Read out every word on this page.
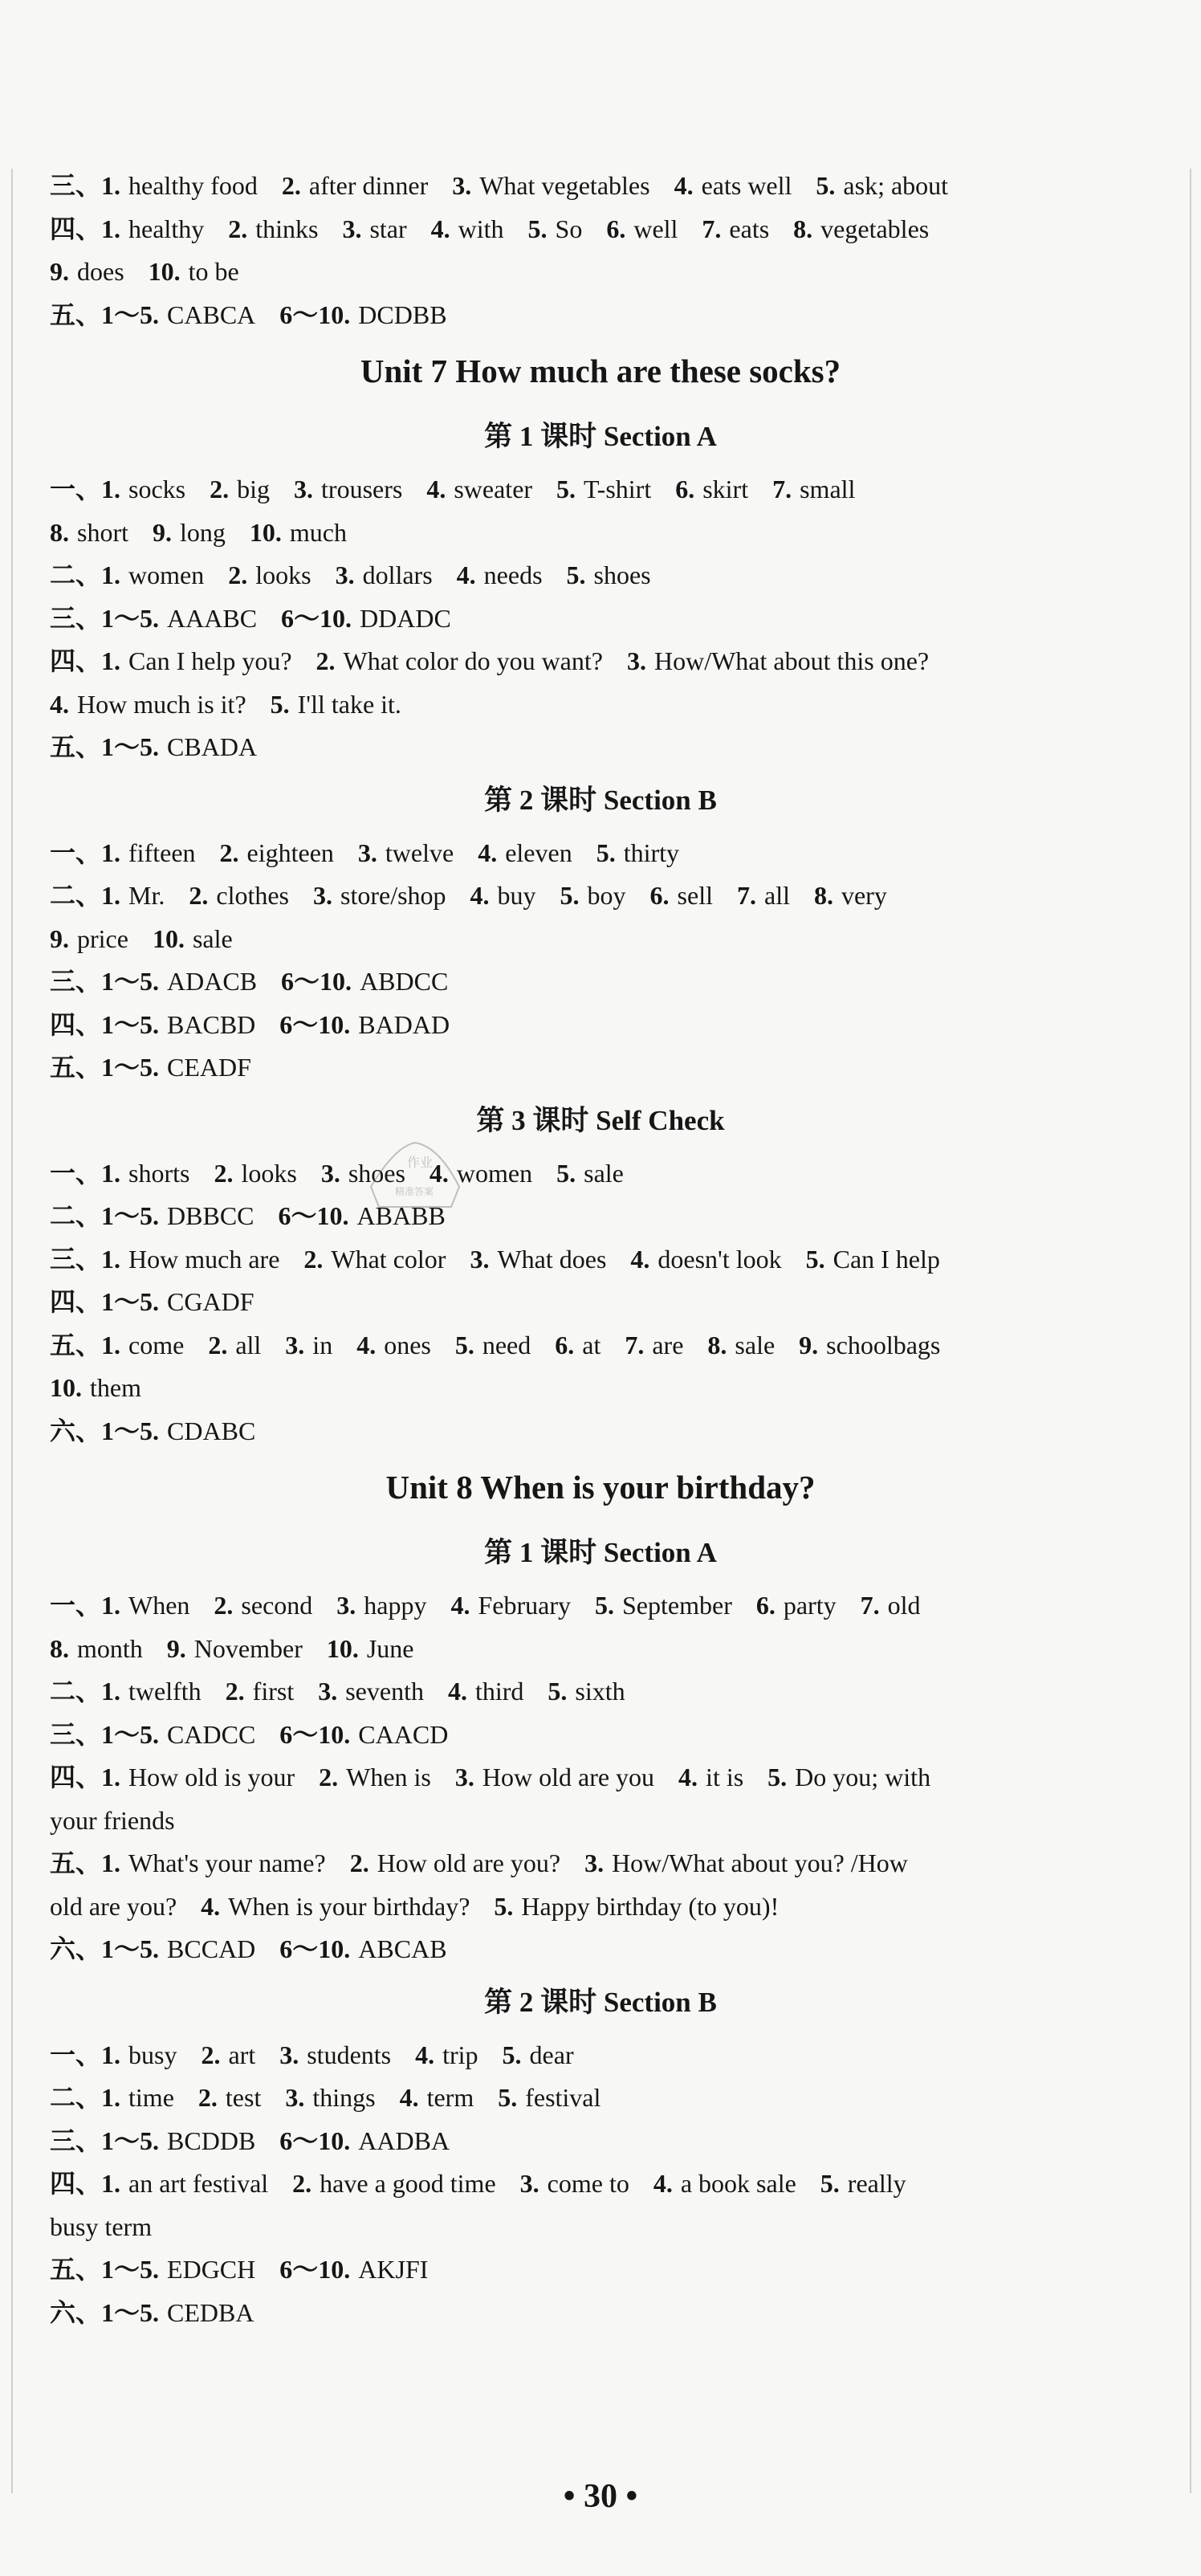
三、1. healthy food 2. after dinner 3. What vegetables 4. eats well 5. ask; about
四、1. healthy 2. thinks 3. star 4. with 5. So 6. well 7. eats 8. vegetables
9. does 10. to be
五、1～5. CABCA 6～10. DCDBB
Unit 7 How much are these socks?
第 1 课时 Section A
一、1. socks 2. big 3. trousers 4. sweater 5. T-shirt 6. skirt 7. small
8. short 9. long 10. much
二、1. women 2. looks 3. dollars 4. needs 5. shoes
三、1～5. AAABC 6～10. DDADC
四、1. Can I help you? 2. What color do you want? 3. How/What about this one?
4. How much is it? 5. I'll take it.
五、1～5. CBADA
第 2 课时 Section B
一、1. fifteen 2. eighteen 3. twelve 4. eleven 5. thirty
二、1. Mr. 2. clothes 3. store/shop 4. buy 5. boy 6. sell 7. all 8. very
9. price 10. sale
三、1～5. ADACB 6～10. ABDCC
四、1～5. BACBD 6～10. BADAD
五、1～5. CEADF
第 3 课时 Self Check
一、1. shorts 2. looks 3. shoes 4. women 5. sale
二、1～5. DBBCC 6～10. ABABB
三、1. How much are 2. What color 3. What does 4. doesn't look 5. Can I help
四、1～5. CGADF
五、1. come 2. all 3. in 4. ones 5. need 6. at 7. are 8. sale 9. schoolbags
10. them
六、1～5. CDABC
Unit 8 When is your birthday?
第 1 课时 Section A
一、1. When 2. second 3. happy 4. February 5. September 6. party 7. old
8. month 9. November 10. June
二、1. twelfth 2. first 3. seventh 4. third 5. sixth
三、1～5. CADCC 6～10. CAACD
四、1. How old is your 2. When is 3. How old are you 4. it is 5. Do you; with
your friends
五、1. What's your name? 2. How old are you? 3. How/What about you? /How
old are you? 4. When is your birthday? 5. Happy birthday (to you)!
六、1～5. BCCAD 6～10. ABCAB
第 2 课时 Section B
一、1. busy 2. art 3. students 4. trip 5. dear
二、1. time 2. test 3. things 4. term 5. festival
三、1～5. BCDDB 6～10. AADBA
四、1. an art festival 2. have a good time 3. come to 4. a book sale 5. really
busy term
五、1～5. EDGCH 6～10. AKJFI
六、1～5. CEDBA
作业
精准答案
• 30 •
